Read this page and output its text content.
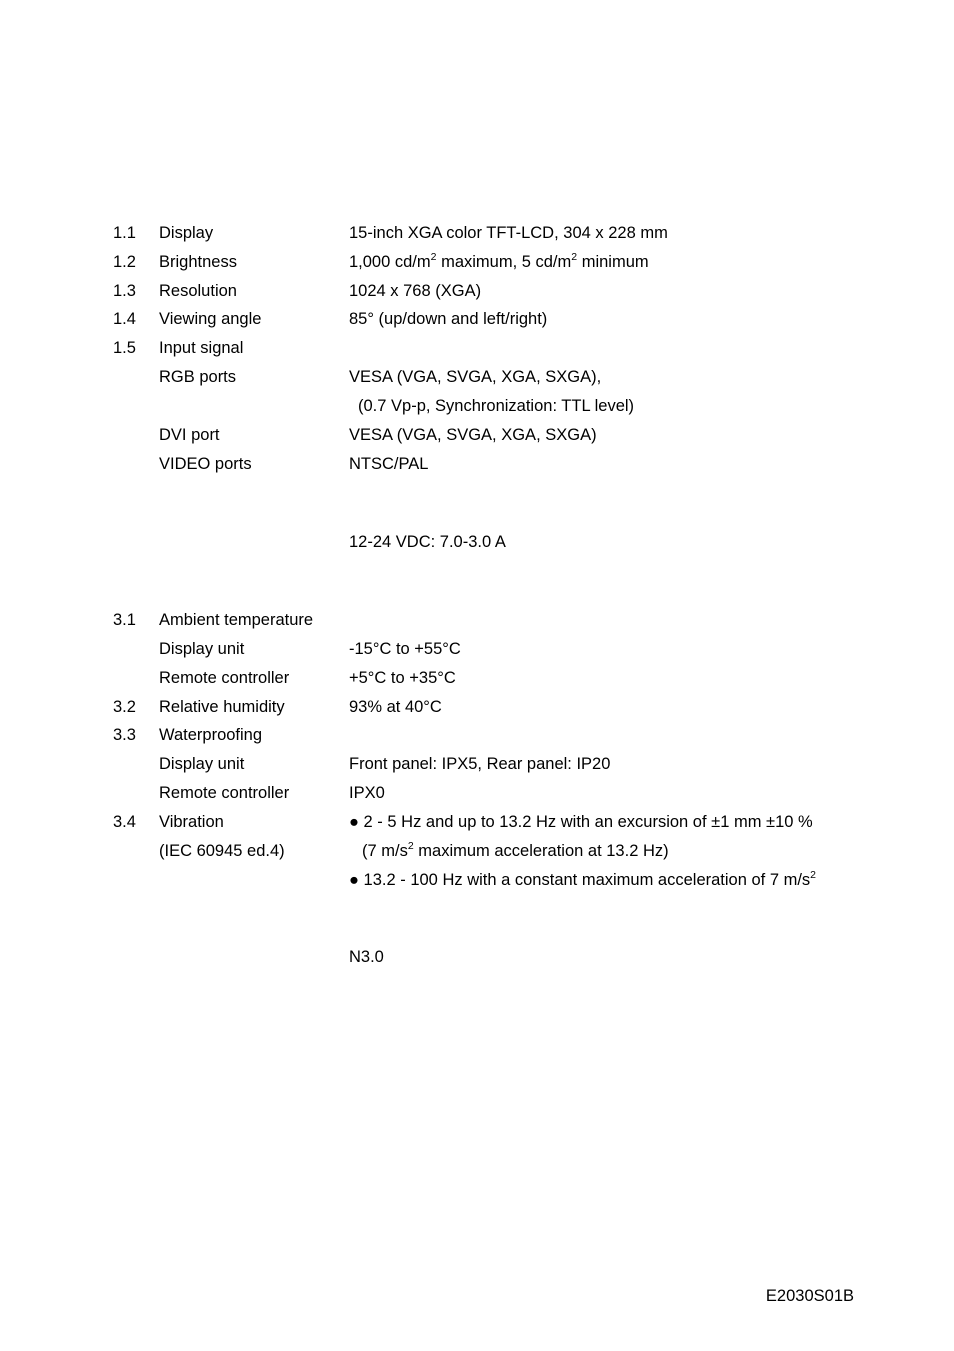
1.1 Display	15-inch XGA color TFT-LCD, 304 x 228 mm
1.2 Brightness	1,000 $cd/m^2$ maximum, 5 $cd/m^2$ minimum
1.3 Resolution	1024 x 768 (XGA)
1.4 Viewing angle	85° (up/down and left/right)
1.5 Input signal
RGB ports	VESA (VGA, SVGA, XGA, SXGA),
(0.7 Vp-p, Synchronization: TTL level)
DVI port	VESA (VGA, SVGA, XGA, SXGA)
VIDEO ports	NTSC/PAL
12-24 VDC: 7.0-3.0 A
3.1 Ambient temperature
Display unit	-15°C to +55°C
Remote controller	+5°C to +35°C
3.2 Relative humidity	93% at 40°C
3.3 Waterproofing
Display unit	Front panel: IPX5, Rear panel: IP20
Remote controller	IPX0
3.4 Vibration	● 2 - 5 Hz and up to 13.2 Hz with an excursion of ±1 mm ±10 %
(IEC 60945 ed.4)	(7 $m/s^2$ maximum acceleration at 13.2 Hz)
● 13.2 - 100 Hz with a constant maximum acceleration of 7 $m/s^2$
N3.0
E2030S01B
